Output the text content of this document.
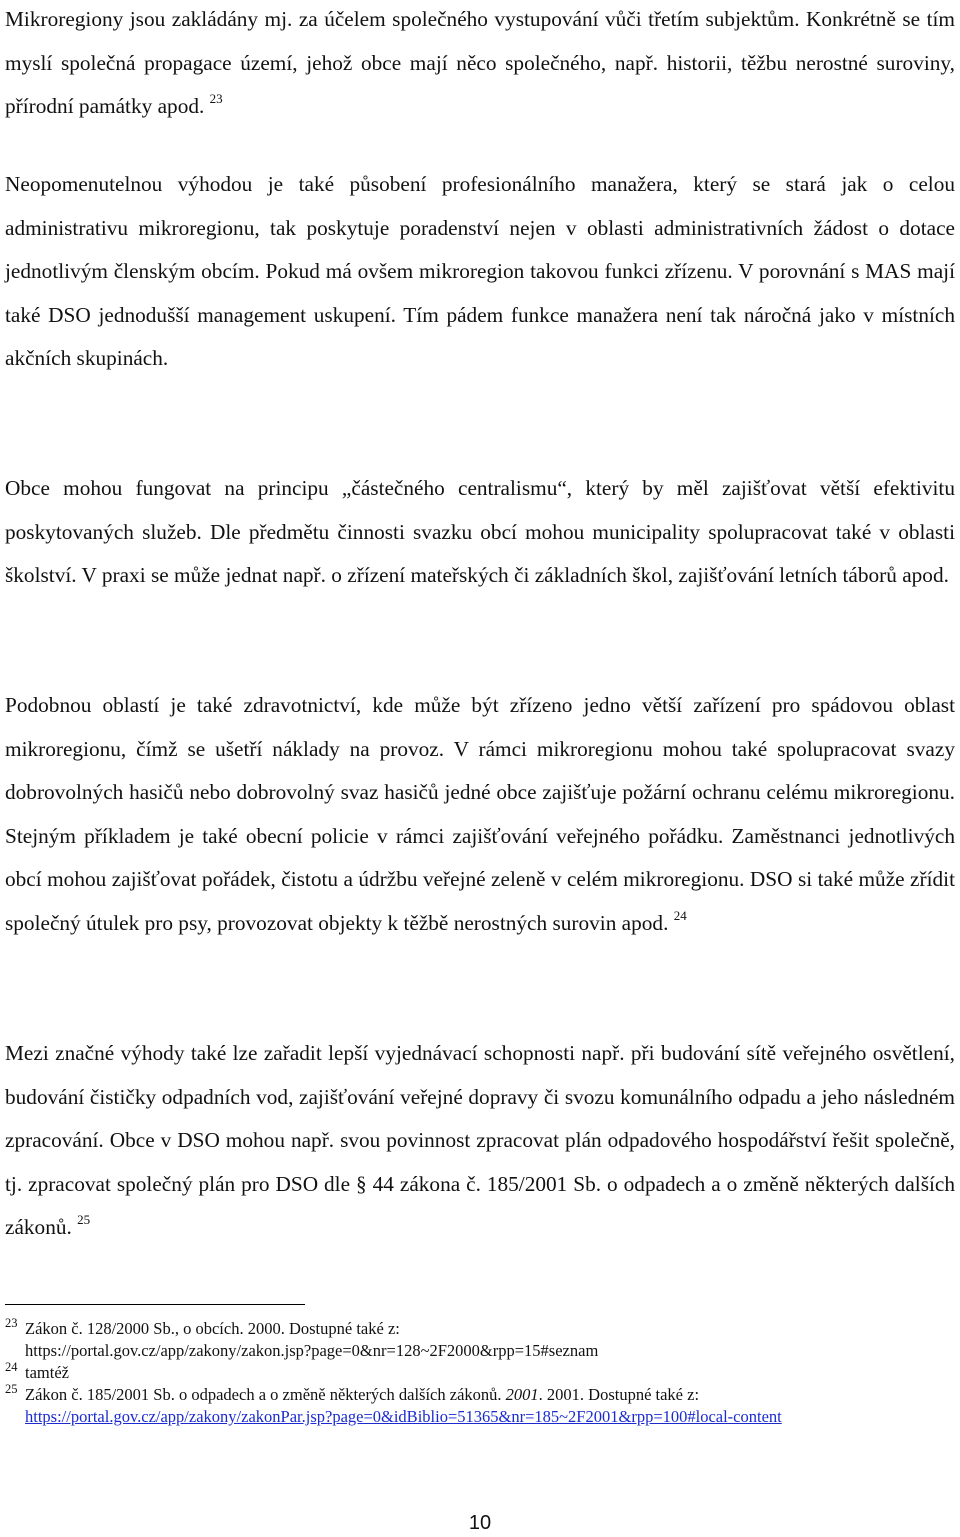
Mikroregiony jsou zakládány mj. za účelem společného vystupování vůči třetím subjektům. Konkrétně se tím myslí společná propagace území, jehož obce mají něco společného, např. historii, těžbu nerostné suroviny, přírodní památky apod. $^{23}$

Neopomenutelnou výhodou je také působení profesionálního manažera, který se stará jak o celou administrativu mikroregionu, tak poskytuje poradenství nejen v oblasti administrativních žádost o dotace jednotlivým členským obcím. Pokud má ovšem mikroregion takovou funkci zřízenu. V porovnání s MAS mají také DSO jednodušší management uskupení. Tím pádem funkce manažera není tak náročná jako v místních akčních skupinách.

Obce mohou fungovat na principu „částečného centralismu“, který by měl zajišťovat větší efektivitu poskytovaných služeb. Dle předmětu činnosti svazku obcí mohou municipality spolupracovat také v oblasti školství. V praxi se může jednat např. o zřízení mateřských či základních škol, zajišťování letních táborů apod.

Podobnou oblastí je také zdravotnictví, kde může být zřízeno jedno větší zařízení pro spádovou oblast mikroregionu, čímž se ušetří náklady na provoz. V rámci mikroregionu mohou také spolupracovat svazy dobrovolných hasičů nebo dobrovolný svaz hasičů jedné obce zajišťuje požární ochranu celému mikroregionu. Stejným příkladem je také obecní policie v rámci zajišťování veřejného pořádku. Zaměstnanci jednotlivých obcí mohou zajišťovat pořádek, čistotu a údržbu veřejné zeleně v celém mikroregionu. DSO si také může zřídit společný útulek pro psy, provozovat objekty k těžbě nerostných surovin apod. $^{24}$

Mezi značné výhody také lze zařadit lepší vyjednávací schopnosti např. při budování sítě veřejného osvětlení, budování čističky odpadních vod, zajišťování veřejné dopravy či svozu komunálního odpadu a jeho následném zpracování. Obce v DSO mohou např. svou povinnost zpracovat plán odpadového hospodářství řešit společně, tj. zpracovat společný plán pro DSO dle § 44 zákona č. 185/2001 Sb. o odpadech a o změně některých dalších zákonů. $^{25}$

23 Zákon č. 128/2000 Sb., o obcích. 2000. Dostupné také z:
https://portal.gov.cz/app/zakony/zakon.jsp?page=0&nr=128~2F2000&rpp=15#seznam

24 tamtéž

25 Zákon č. 185/2001 Sb. o odpadech a o změně některých dalších zákonů. 2001. 2001. Dostupné také z:
https://portal.gov.cz/app/zakony/zakonPar.jsp?page=0&idBiblio=51365&nr=185~2F2001&rpp=100#local-content

10
